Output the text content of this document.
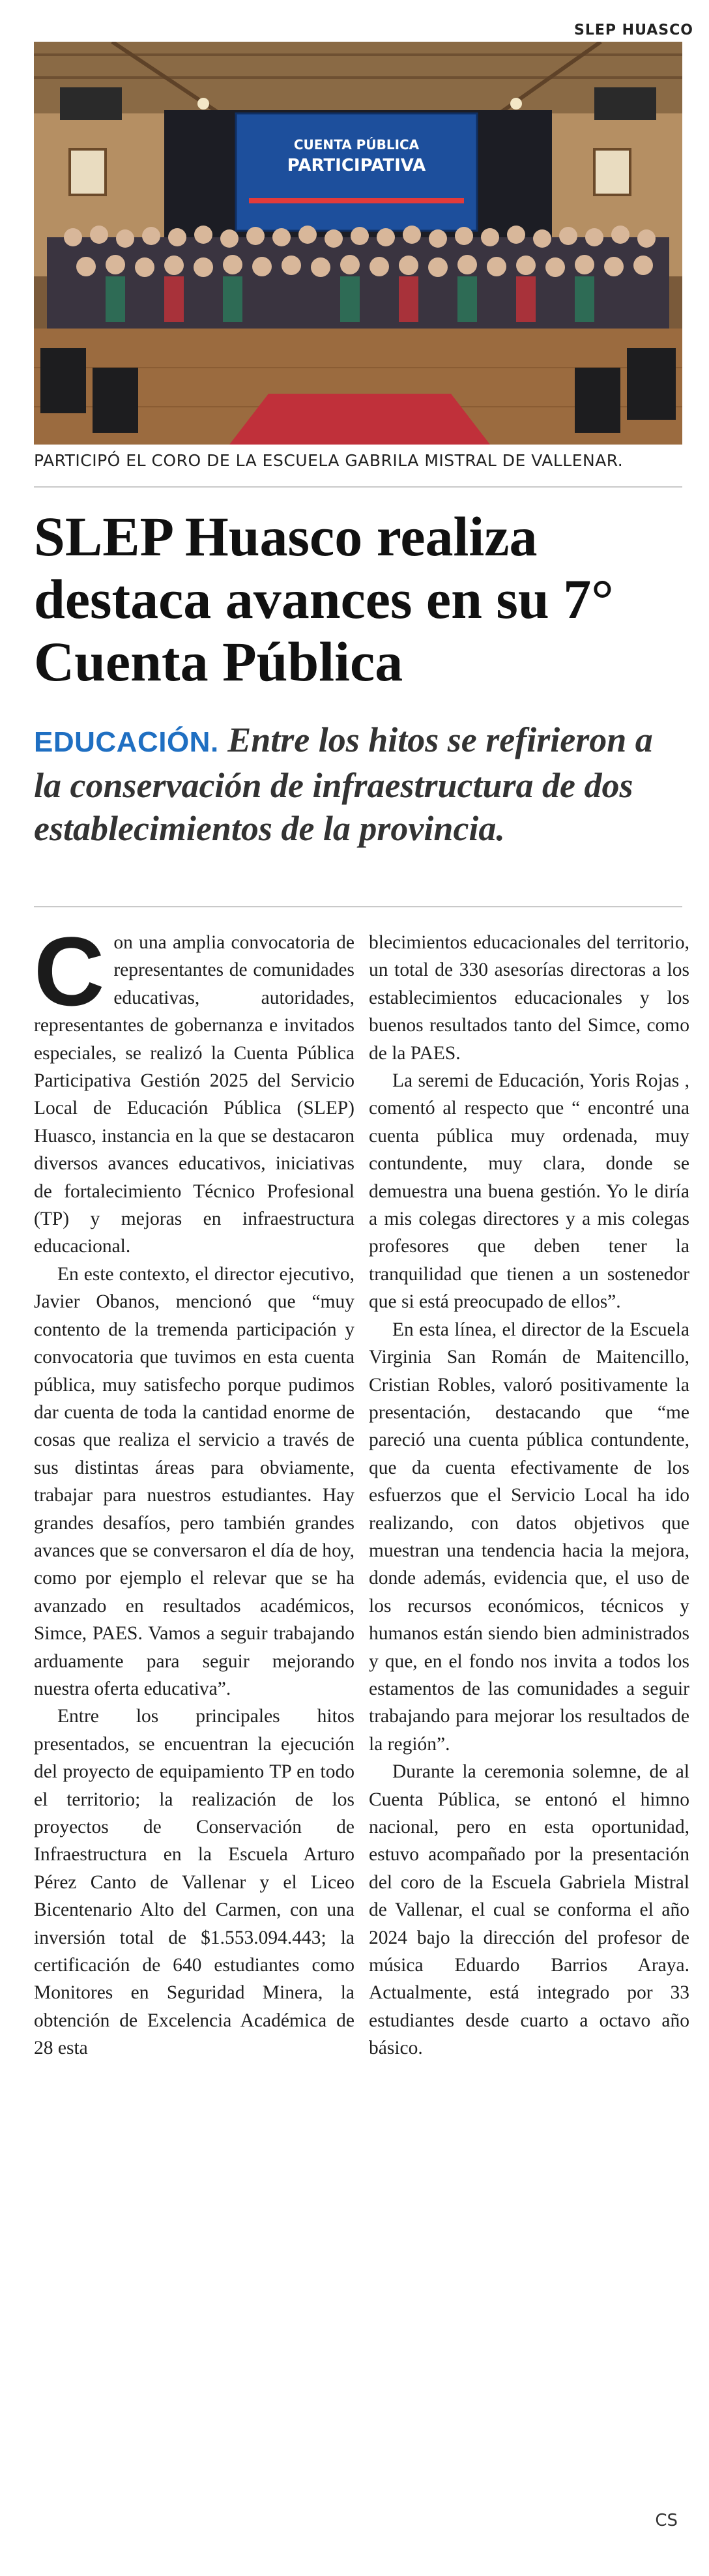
SLEP HUASCO
CUENTA PÚBLICA
PARTICIPATIVA
PARTICIPÓ EL CORO DE LA ESCUELA GABRILA MISTRAL DE VALLENAR.
SLEP Huasco realiza destaca avances en su 7° Cuenta Pública

EDUCACIÓN. Entre los hitos se refirieron a la conservación de infraestructura de dos establecimientos de la provincia.

Con una amplia convocatoria de representantes de comunidades educativas, autoridades, representantes de gobernanza e invitados especiales, se realizó la Cuenta Pública Participativa Gestión 2025 del Servicio Local de Educación Pública (SLEP) Huasco, instancia en la que se destacaron diversos avances educativos, iniciativas de fortalecimiento Técnico Profesional (TP) y mejoras en infraestructura educacional.

En este contexto, el director ejecutivo, Javier Obanos, mencionó que “muy contento de la tremenda participación y convocatoria que tuvimos en esta cuenta pública, muy satisfecho porque pudimos dar cuenta de toda la cantidad enorme de cosas que realiza el servicio a través de sus distintas áreas para obviamente, trabajar para nuestros estudiantes. Hay grandes desafíos, pero también grandes avances que se conversaron el día de hoy, como por ejemplo el relevar que se ha avanzado en resultados académicos, Simce, PAES. Vamos a seguir trabajando arduamente para seguir mejorando nuestra oferta educativa”.

Entre los principales hitos presentados, se encuentran la ejecución del proyecto de equipamiento TP en todo el territorio; la realización de los proyectos de Conservación de Infraestructura en la Escuela Arturo Pérez Canto de Vallenar y el Liceo Bicentenario Alto del Carmen, con una inversión total de $1.553.094.443; la certificación de 640 estudiantes como Monitores en Seguridad Minera, la obtención de Excelencia Académica de 28 esta

blecimientos educacionales del territorio, un total de 330 asesorías directoras a los establecimientos educacionales y los buenos resultados tanto del Simce, como de la PAES.

La seremi de Educación, Yoris Rojas , comentó al respecto que “ encontré una cuenta pública muy ordenada, muy contundente, muy clara, donde se demuestra una buena gestión. Yo le diría a mis colegas directores y a mis colegas profesores que deben tener la tranquilidad que tienen a un sostenedor que si está preocupado de ellos”.

En esta línea, el director de la Escuela Virginia San Román de Maitencillo, Cristian Robles, valoró positivamente la presentación, destacando que “me pareció una cuenta pública contundente, que da cuenta efectivamente de los esfuerzos que el Servicio Local ha ido realizando, con datos objetivos que muestran una tendencia hacia la mejora, donde además, evidencia que, el uso de los recursos económicos, técnicos y humanos están siendo bien administrados y que, en el fondo nos invita a todos los estamentos de las comunidades a seguir trabajando para mejorar los resultados de la región”.

Durante la ceremonia solemne, de al Cuenta Pública, se entonó el himno nacional, pero en esta oportunidad, estuvo acompañado por la presentación del coro de la Escuela Gabriela Mistral de Vallenar, el cual se conforma el año 2024 bajo la dirección del profesor de música Eduardo Barrios Araya. Actualmente, está integrado por 33 estudiantes desde cuarto a octavo año básico.

CS
